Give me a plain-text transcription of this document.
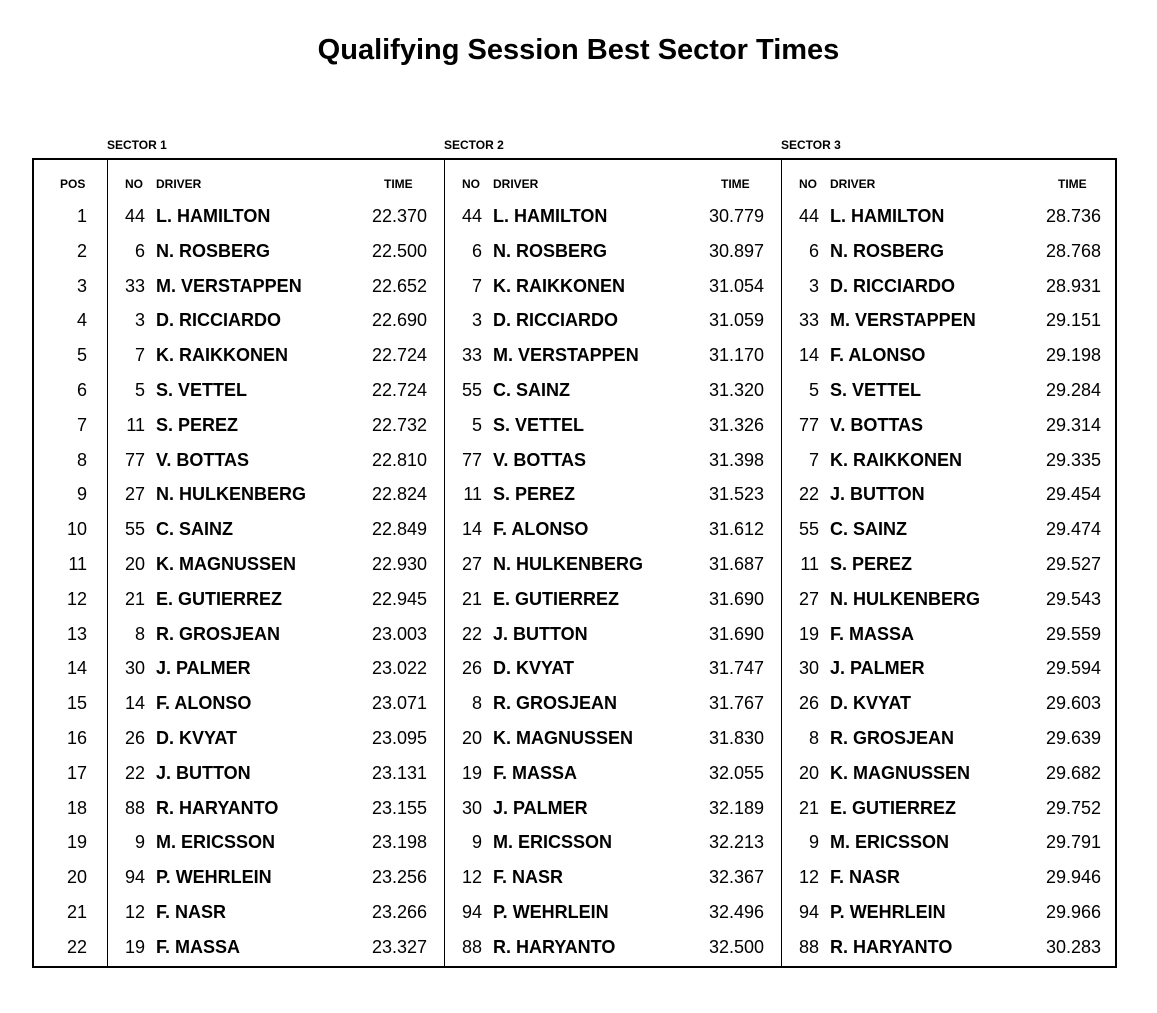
Qualifying Session Best Sector Times
SECTOR 1	SECTOR 2	SECTOR 3
POS	NO DRIVER	TIME	NO DRIVER	TIME	NO DRIVER	TIME
1	44 L. HAMILTON	22.370	44 L. HAMILTON	30.779	44 L. HAMILTON	28.736
2	6 N. ROSBERG	22.500	6 N. ROSBERG	30.897	6 N. ROSBERG	28.768
3	33 M. VERSTAPPEN	22.652	7 K. RAIKKONEN	31.054	3 D. RICCIARDO	28.931
4	3 D. RICCIARDO	22.690	3 D. RICCIARDO	31.059	33 M. VERSTAPPEN	29.151
5	7 K. RAIKKONEN	22.724	33 M. VERSTAPPEN	31.170	14 F. ALONSO	29.198
6	5 S. VETTEL	22.724	55 C. SAINZ	31.320	5 S. VETTEL	29.284
7	11 S. PEREZ	22.732	5 S. VETTEL	31.326	77 V. BOTTAS	29.314
8	77 V. BOTTAS	22.810	77 V. BOTTAS	31.398	7 K. RAIKKONEN	29.335
9	27 N. HULKENBERG	22.824	11 S. PEREZ	31.523	22 J. BUTTON	29.454
10	55 C. SAINZ	22.849	14 F. ALONSO	31.612	55 C. SAINZ	29.474
11	20 K. MAGNUSSEN	22.930	27 N. HULKENBERG	31.687	11 S. PEREZ	29.527
12	21 E. GUTIERREZ	22.945	21 E. GUTIERREZ	31.690	27 N. HULKENBERG	29.543
13	8 R. GROSJEAN	23.003	22 J. BUTTON	31.690	19 F. MASSA	29.559
14	30 J. PALMER	23.022	26 D. KVYAT	31.747	30 J. PALMER	29.594
15	14 F. ALONSO	23.071	8 R. GROSJEAN	31.767	26 D. KVYAT	29.603
16	26 D. KVYAT	23.095	20 K. MAGNUSSEN	31.830	8 R. GROSJEAN	29.639
17	22 J. BUTTON	23.131	19 F. MASSA	32.055	20 K. MAGNUSSEN	29.682
18	88 R. HARYANTO	23.155	30 J. PALMER	32.189	21 E. GUTIERREZ	29.752
19	9 M. ERICSSON	23.198	9 M. ERICSSON	32.213	9 M. ERICSSON	29.791
20	94 P. WEHRLEIN	23.256	12 F. NASR	32.367	12 F. NASR	29.946
21	12 F. NASR	23.266	94 P. WEHRLEIN	32.496	94 P. WEHRLEIN	29.966
22	19 F. MASSA	23.327	88 R. HARYANTO	32.500	88 R. HARYANTO	30.283
